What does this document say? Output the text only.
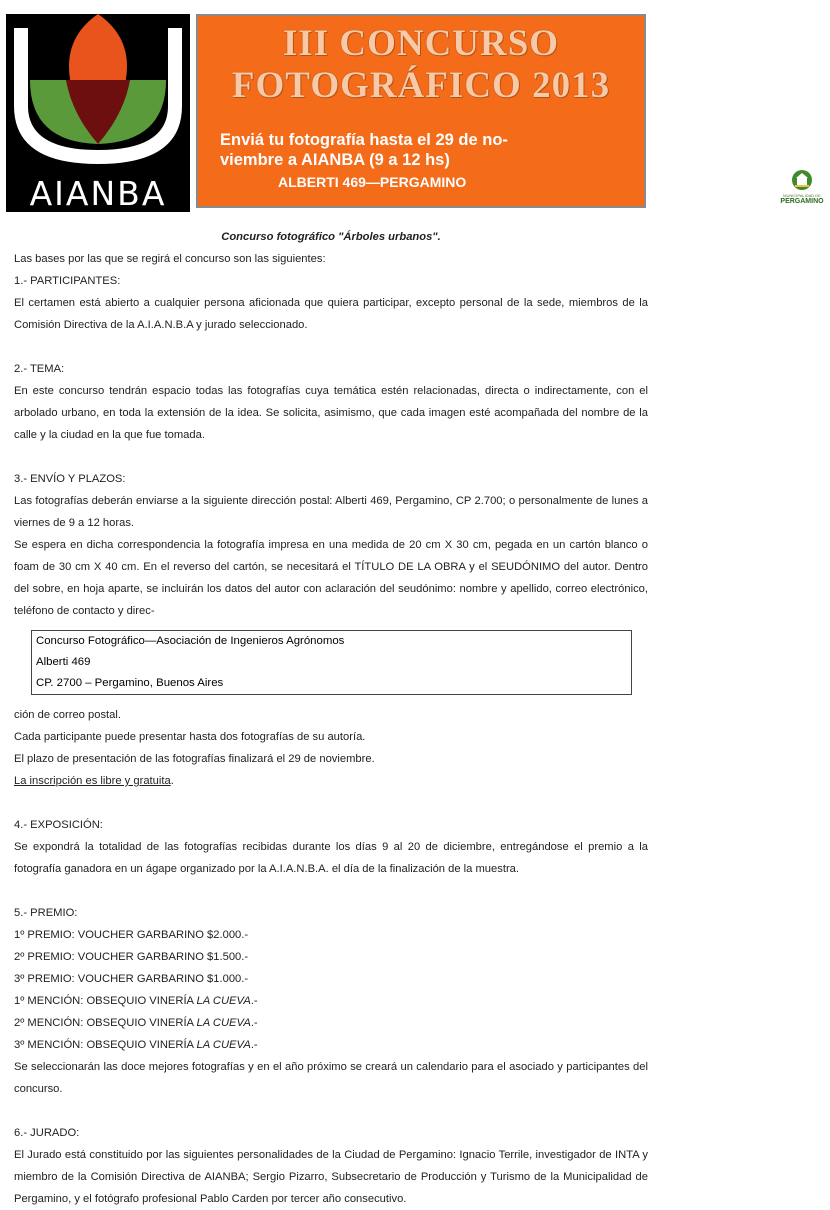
AIANBA
III CONCURSO
FOTOGRÁFICO 2013
Enviá tu fotografía hasta el 29 de no-
viembre a AIANBA (9 a 12 hs)
ALBERTI 469—PERGAMINO
MUNICIPALIDAD DE
PERGAMINO

Concurso fotográfico "Árboles urbanos".

Las bases por las que se regirá el concurso son las siguientes:

1.- PARTICIPANTES:

El certamen está abierto a cualquier persona aficionada que quiera participar, excepto personal de la sede, miembros de la Comisión Directiva de la A.I.A.N.B.A y jurado seleccionado.

2.- TEMA:

En este concurso tendrán espacio todas las fotografías cuya temática estén relacionadas, directa o indirectamente, con el arbolado urbano, en toda la extensión de la idea. Se solicita, asimismo, que cada imagen esté acompañada del nombre de la calle y la ciudad en la que fue tomada.

3.- ENVÍO Y PLAZOS:

Las fotografías deberán enviarse a la siguiente dirección postal: Alberti 469, Pergamino, CP 2.700; o personalmente de lunes a viernes de 9 a 12 horas.

Se espera en dicha correspondencia la fotografía impresa en una medida de 20 cm X 30 cm, pegada en un cartón blanco o foam de 30 cm X 40 cm. En el reverso del cartón, se necesitará el TÍTULO DE LA OBRA y el SEUDÓNIMO del autor. Dentro del sobre, en hoja aparte, se incluirán los datos del autor con aclaración del seudónimo: nombre y apellido, correo electrónico, teléfono de contacto y direc-

Concurso Fotográfico—Asociación de Ingenieros Agrónomos
Alberti 469
CP. 2700 – Pergamino, Buenos Aires

ción de correo postal.

Cada participante puede presentar hasta dos fotografías de su autoría.

El plazo de presentación de las fotografías finalizará el 29 de noviembre.

La inscripción es libre y gratuita.

4.- EXPOSICIÓN:

Se expondrá la totalidad de las fotografías recibidas durante los días 9 al 20 de diciembre, entregándose el premio a la fotografía ganadora en un ágape organizado por la A.I.A.N.B.A. el día de la finalización de la muestra.

5.- PREMIO:

1º PREMIO: VOUCHER GARBARINO $2.000.-

2º PREMIO: VOUCHER GARBARINO $1.500.-

3º PREMIO: VOUCHER GARBARINO $1.000.-

1º MENCIÓN: OBSEQUIO VINERÍA LA CUEVA.-

2º MENCIÓN: OBSEQUIO VINERÍA LA CUEVA.-

3º MENCIÓN: OBSEQUIO VINERÍA LA CUEVA.-

Se seleccionarán las doce mejores fotografías y en el año próximo se creará un calendario para el asociado y participantes del concurso.

6.- JURADO:

El Jurado está constituido por las siguientes personalidades de la Ciudad de Pergamino: Ignacio Terrile, investigador de INTA y miembro de la Comisión Directiva de AIANBA; Sergio Pizarro, Subsecretario de Producción y Turismo de la Municipalidad de Pergamino, y el fotógrafo profesional Pablo Carden por tercer año consecutivo.
